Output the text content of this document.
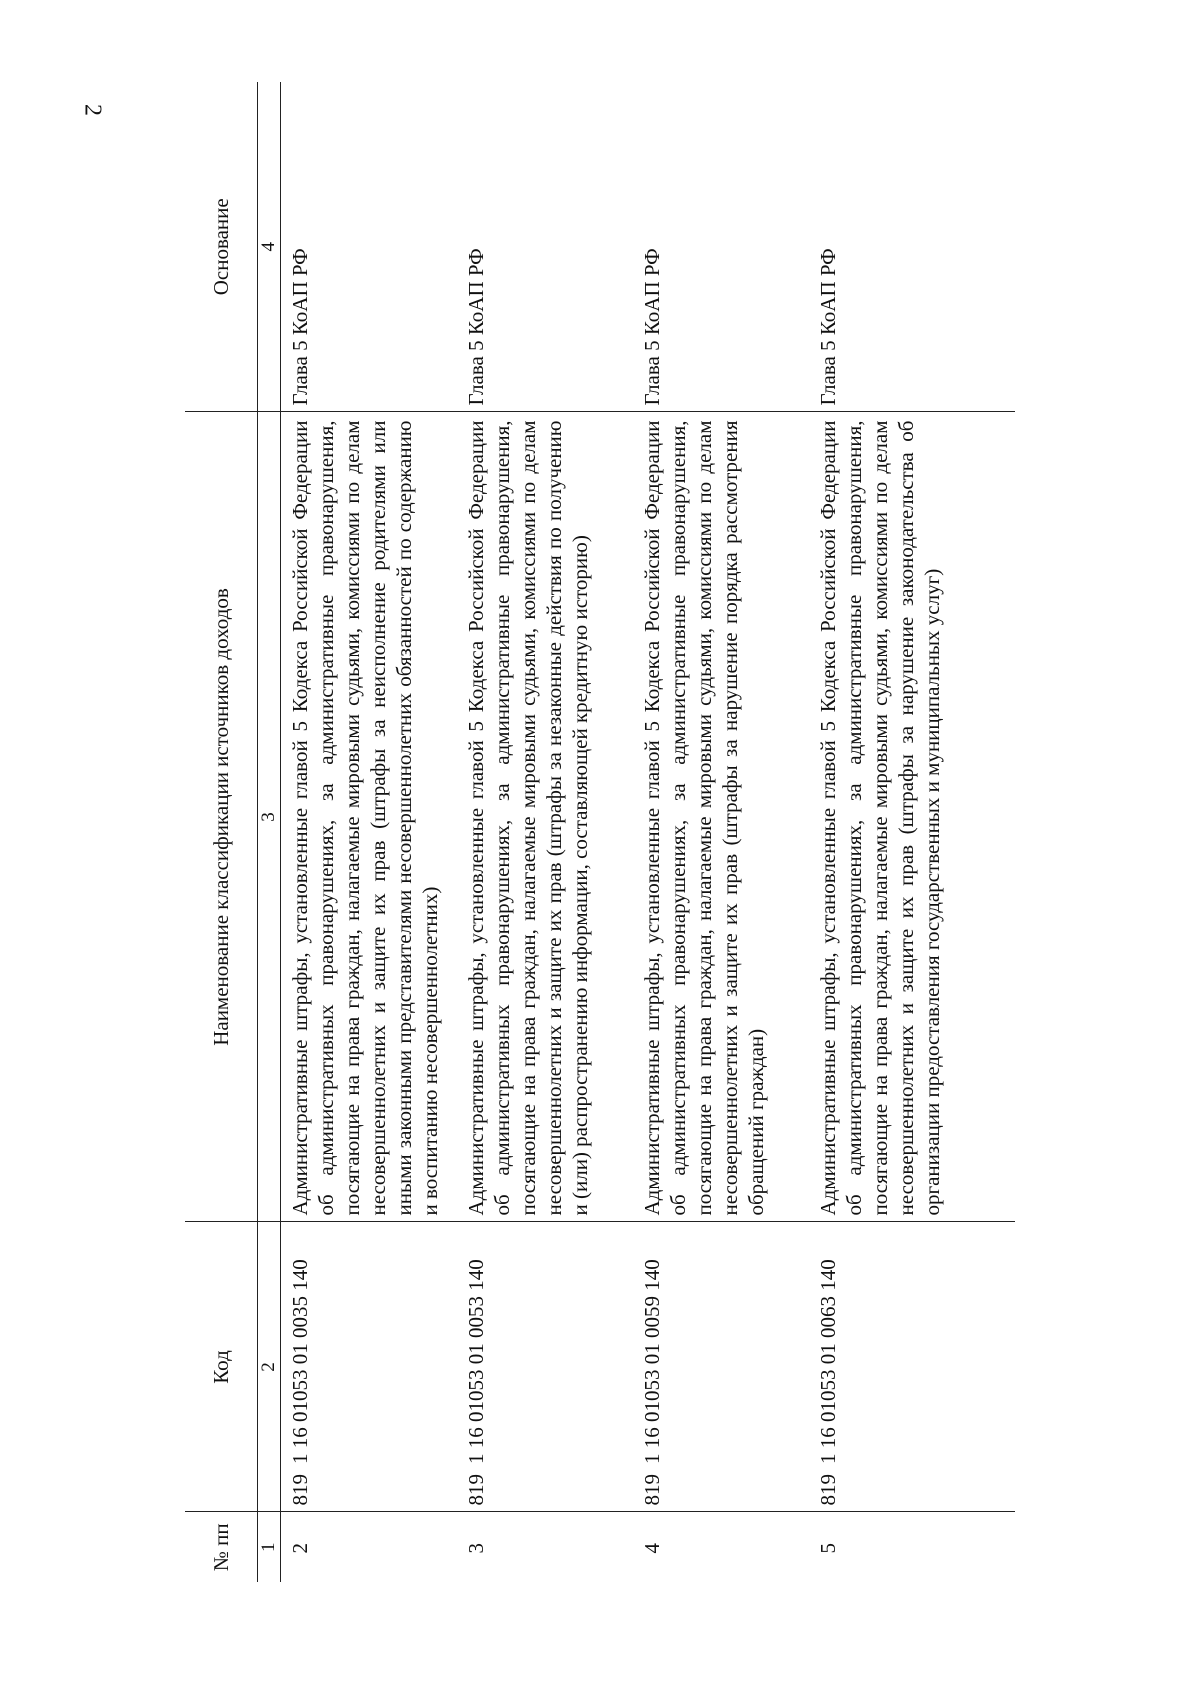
2
№ пп	Код	Наименование классификации источников доходов	Основание
1	2	3	4
2	8191 16 01053 01 0035 140	Административные штрафы, установленные главой 5 Кодекса Российской Федерации об административных правонарушениях, за административные правонарушения, посягающие на права граждан, налагаемые мировыми судьями, комиссиями по делам несовершеннолетних и защите их прав (штрафы за неисполнение родителями или иными законными представителями несовершеннолетних обязанностей по содержанию и воспитанию несовершеннолетних)	Глава 5 КоАП РФ
3	8191 16 01053 01 0053 140	Административные штрафы, установленные главой 5 Кодекса Российской Федерации об административных правонарушениях, за административные правонарушения, посягающие на права граждан, налагаемые мировыми судьями, комиссиями по делам несовершеннолетних и защите их прав (штрафы за незаконные действия по получению и (или) распространению информации, составляющей кредитную историю)	Глава 5 КоАП РФ
4	8191 16 01053 01 0059 140	Административные штрафы, установленные главой 5 Кодекса Российской Федерации об административных правонарушениях, за административные правонарушения, посягающие на права граждан, налагаемые мировыми судьями, комиссиями по делам несовершеннолетних и защите их прав (штрафы за нарушение порядка рассмотрения обращений граждан)	Глава 5 КоАП РФ
5	8191 16 01053 01 0063 140	Административные штрафы, установленные главой 5 Кодекса Российской Федерации об административных правонарушениях, за административные правонарушения, посягающие на права граждан, налагаемые мировыми судьями, комиссиями по делам несовершеннолетних и защите их прав (штрафы за нарушение законодательства об организации предоставления государственных и муниципальных услуг)	Глава 5 КоАП РФ
